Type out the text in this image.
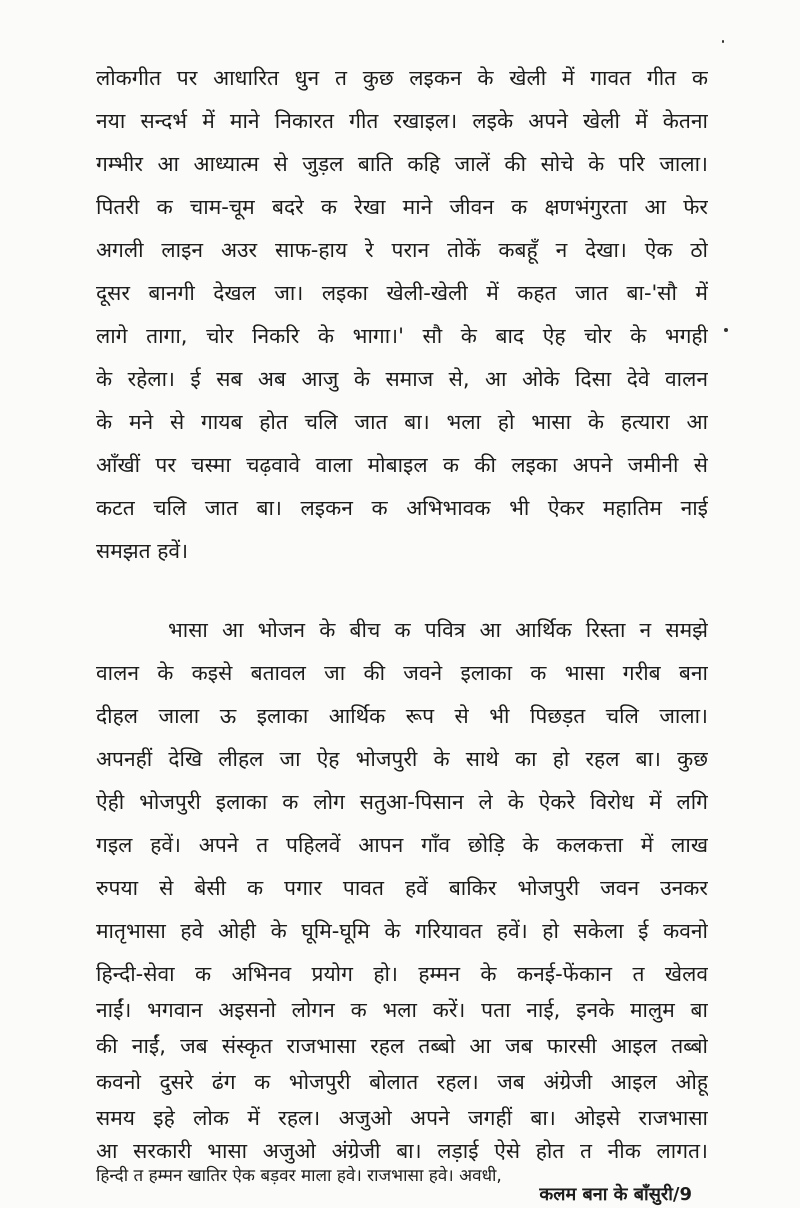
लोकगीत पर आधारित धुन त कुछ लइकन के खेली में गावत गीत क
नया सन्दर्भ में माने निकारत गीत रखाइल। लइके अपने खेली में केतना
गम्भीर आ आध्यात्म से जुड़ल बाति कहि जालें की सोचे के परि जाला।
पितरी क चाम-चूम बदरे क रेखा माने जीवन क क्षणभंगुरता आ फेर
अगली लाइन अउर साफ-हाय रे परान तोकें कबहूँ न देखा। ऐक ठो
दूसर बानगी देखल जा। लइका खेली-खेली में कहत जात बा-'सौ में
लागे तागा, चोर निकरि के भागा।' सौ के बाद ऐह चोर के भगही
के रहेला। ई सब अब आजु के समाज से, आ ओके दिसा देवे वालन
के मने से गायब होत चलि जात बा। भला हो भासा के हत्यारा आ
आँखीं पर चस्मा चढ़वावे वाला मोबाइल क की लइका अपने जमीनी से
कटत चलि जात बा। लइकन क अभिभावक भी ऐकर महातिम नाई
समझत हवें।
भासा आ भोजन के बीच क पवित्र आ आर्थिक रिस्ता न समझे
वालन के कइसे बतावल जा की जवने इलाका क भासा गरीब बना
दीहल जाला ऊ इलाका आर्थिक रूप से भी पिछड़त चलि जाला।
अपनहीं देखि लीहल जा ऐह भोजपुरी के साथे का हो रहल बा। कुछ
ऐही भोजपुरी इलाका क लोग सतुआ-पिसान ले के ऐकरे विरोध में लगि
गइल हवें। अपने त पहिलवें आपन गाँव छोड़ि के कलकत्ता में लाख
रुपया से बेसी क पगार पावत हवें बाकिर भोजपुरी जवन उनकर
मातृभासा हवे ओही के घूमि-घूमि के गरियावत हवें। हो सकेला ई कवनो
हिन्दी-सेवा क अभिनव प्रयोग हो। हम्मन के कनई-फेंकान त खेलव
नाईं। भगवान अइसनो लोगन क भला करें। पता नाई, इनके मालुम बा
की नाईं, जब संस्कृत राजभासा रहल तब्बो आ जब फारसी आइल तब्बो
कवनो दुसरे ढंग क भोजपुरी बोलात रहल। जब अंग्रेजी आइल ओहू
समय इहे लोक में रहल। अजुओ अपने जगहीं बा। ओइसे राजभासा
आ सरकारी भासा अजुओ अंग्रेजी बा। लड़ाई ऐसे होत त नीक लागत।
हिन्दी त हम्मन खातिर ऐक बड़वर माला हवे। राजभासा हवे। अवधी,
कलम बना के बाँसुरी/9
